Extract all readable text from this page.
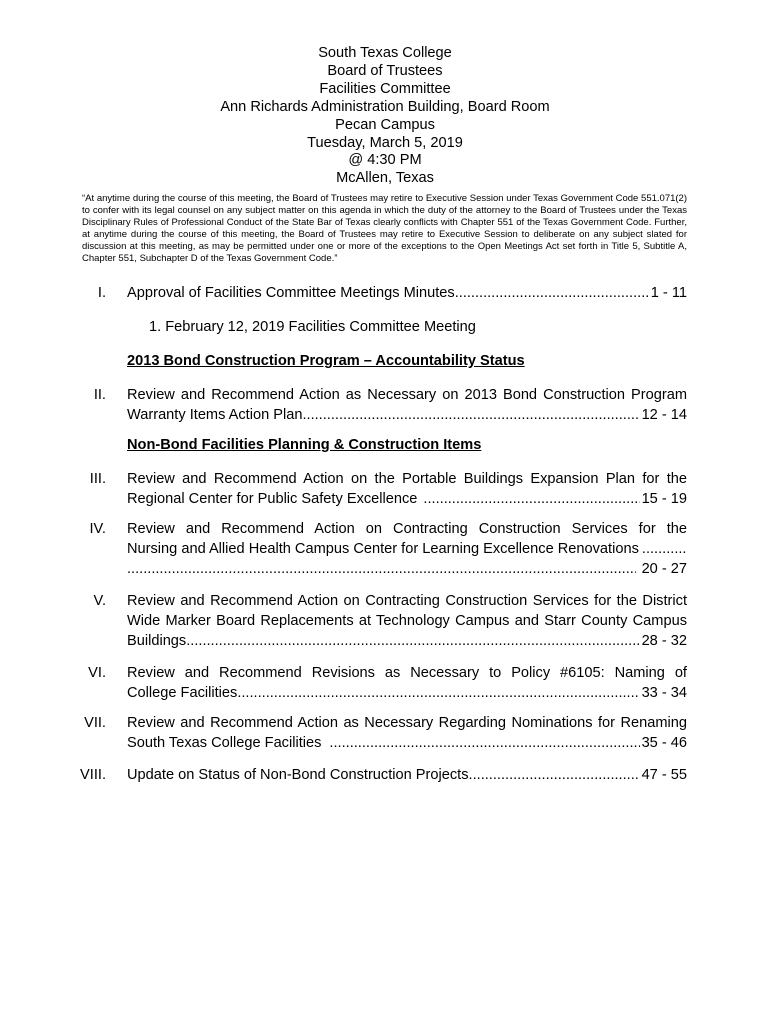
South Texas College
Board of Trustees
Facilities Committee
Ann Richards Administration Building, Board Room
Pecan Campus
Tuesday, March 5, 2019
@ 4:30 PM
McAllen, Texas
“At anytime during the course of this meeting, the Board of Trustees may retire to Executive Session under Texas Government Code 551.071(2) to confer with its legal counsel on any subject matter on this agenda in which the duty of the attorney to the Board of Trustees under the Texas Disciplinary Rules of Professional Conduct of the State Bar of Texas clearly conflicts with Chapter 551 of the Texas Government Code. Further, at anytime during the course of this meeting, the Board of Trustees may retire to Executive Session to deliberate on any subject slated for discussion at this meeting, as may be permitted under one or more of the exceptions to the Open Meetings Act set forth in Title 5, Subtitle A, Chapter 551, Subchapter D of the Texas Government Code.”
I. Approval of Facilities Committee Meetings Minutes .....	1 - 11
1. February 12, 2019 Facilities Committee Meeting
2013 Bond Construction Program – Accountability Status
II. Review and Recommend Action as Necessary on 2013 Bond Construction Program
Warranty Items Action Plan .....	12 - 14
Non-Bond Facilities Planning & Construction Items
III. Review and Recommend Action on the Portable Buildings Expansion Plan for the
Regional Center for Public Safety Excellence .....	15 - 19
IV. Review and Recommend Action on Contracting Construction Services for the
Nursing and Allied Health Campus Center for Learning Excellence Renovations
.....
.....
20 - 27
V. Review and Recommend Action on Contracting Construction Services for the District
Wide Marker Board Replacements at Technology Campus and Starr County Campus
Buildings .....	28 - 32
VI. Review and Recommend Revisions as Necessary to Policy #6105: Naming of
College Facilities .....	33 - 34
VII. Review and Recommend Action as Necessary Regarding Nominations for Renaming
South Texas College Facilities .....	35 - 46
VIII. Update on Status of Non-Bond Construction Projects .....	47 - 55
